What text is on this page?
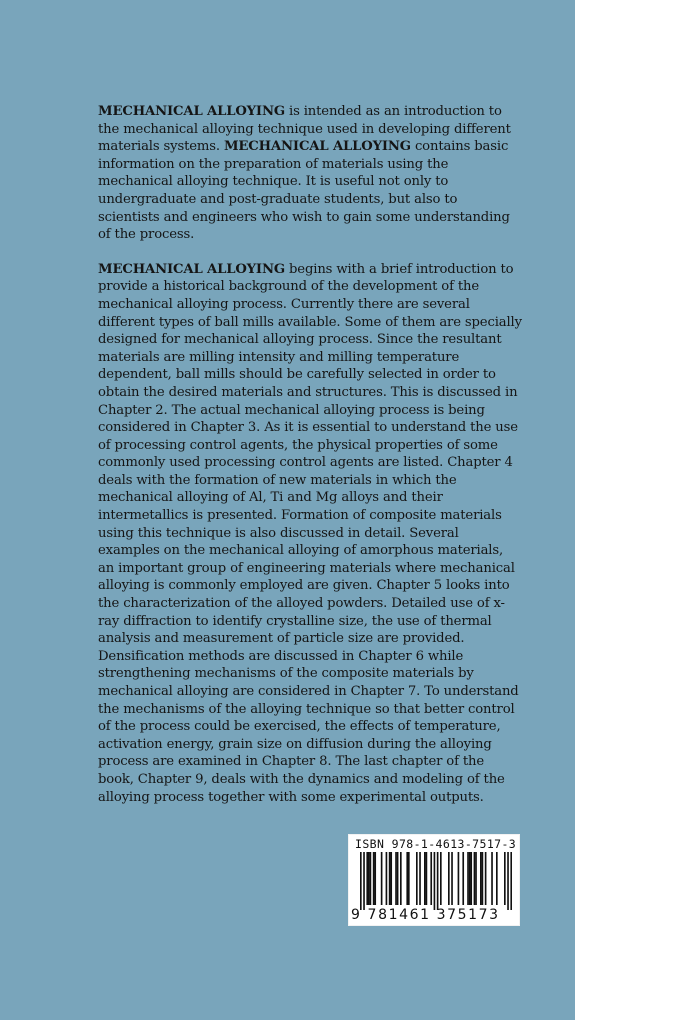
MECHANICAL ALLOYING is intended as an introduction to the mechanical alloying technique used in developing different materials systems. MECHANICAL ALLOYING contains basic information on the preparation of materials using the mechanical alloying technique. It is useful not only to undergraduate and post-graduate students, but also to scientists and engineers who wish to gain some understanding of the process.

MECHANICAL ALLOYING begins with a brief introduction to provide a historical background of the development of the mechanical alloying process. Currently there are several different types of ball mills available. Some of them are specially designed for mechanical alloying process. Since the resultant materials are milling intensity and milling temperature dependent, ball mills should be carefully selected in order to obtain the desired materials and structures. This is discussed in Chapter 2. The actual mechanical alloying process is being considered in Chapter 3. As it is essential to understand the use of processing control agents, the physical properties of some commonly used processing control agents are listed. Chapter 4 deals with the formation of new materials in which the mechanical alloying of Al, Ti and Mg alloys and their intermetallics is presented. Formation of composite materials using this technique is also discussed in detail. Several examples on the mechanical alloying of amorphous materials, an important group of engineering materials where mechanical alloying is commonly employed are given. Chapter 5 looks into the characterization of the alloyed powders. Detailed use of x-ray diffraction to identify crystalline size, the use of thermal analysis and measurement of particle size are provided. Densification methods are discussed in Chapter 6 while strengthening mechanisms of the composite materials by mechanical alloying are considered in Chapter 7. To understand the mechanisms of the alloying technique so that better control of the process could be exercised, the effects of temperature, activation energy, grain size on diffusion during the alloying process are examined in Chapter 8. The last chapter of the book, Chapter 9, deals with the dynamics and modeling of the alloying process together with some experimental outputs.

ISBN 978-1-4613-7517-3
9 781461 375173
